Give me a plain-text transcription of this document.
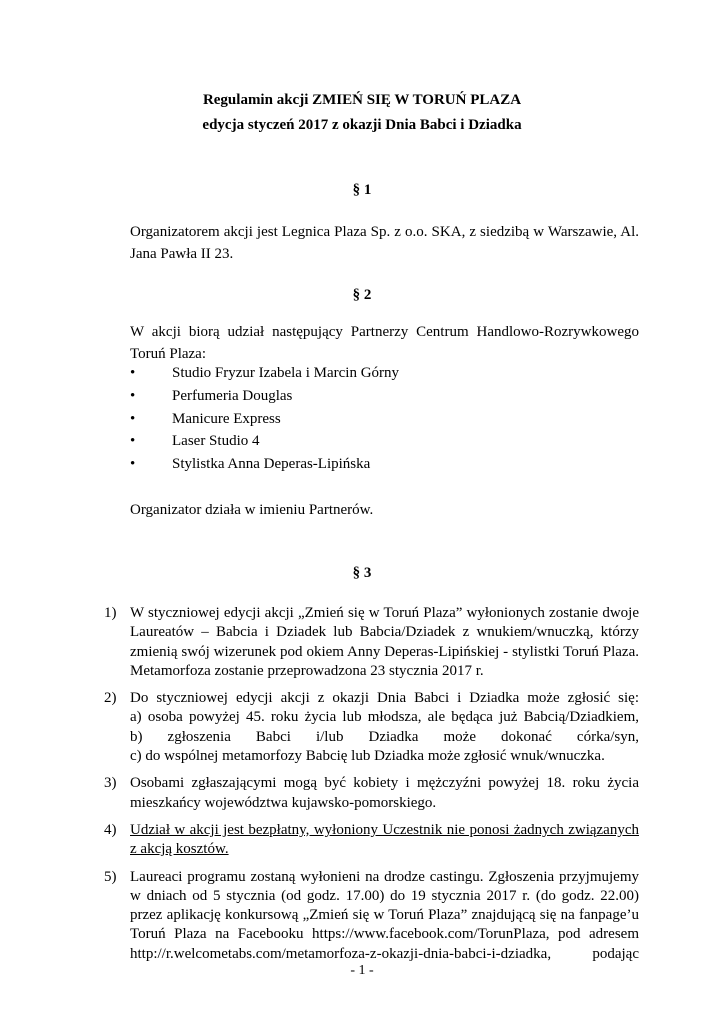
Regulamin akcji ZMIEŃ SIĘ W TORUŃ PLAZA
edycja styczeń 2017 z okazji Dnia Babci i Dziadka
§ 1
Organizatorem akcji jest Legnica Plaza Sp. z o.o. SKA, z siedzibą w Warszawie, Al. Jana Pawła II 23.
§ 2
W akcji biorą udział następujący Partnerzy Centrum Handlowo-Rozrywkowego Toruń Plaza:
• Studio Fryzur Izabela i Marcin Górny
• Perfumeria Douglas
• Manicure Express
• Laser Studio 4
• Stylistka Anna Deperas-Lipińska
Organizator działa w imieniu Partnerów.
§ 3
1) W styczniowej edycji akcji „Zmień się w Toruń Plaza” wyłonionych zostanie dwoje Laureatów – Babcia i Dziadek lub Babcia/Dziadek z wnukiem/wnuczką, którzy zmienią swój wizerunek pod okiem Anny Deperas-Lipińskiej - stylistki Toruń Plaza. Metamorfoza zostanie przeprowadzona 23 stycznia 2017 r.
2) Do styczniowej edycji akcji z okazji Dnia Babci i Dziadka może zgłosić się:
a) osoba powyżej 45. roku życia lub młodsza, ale będąca już Babcią/Dziadkiem,
b) zgłoszenia Babci i/lub Dziadka może dokonać córka/syn,
c) do wspólnej metamorfozy Babcię lub Dziadka może zgłosić wnuk/wnuczka.
3) Osobami zgłaszającymi mogą być kobiety i mężczyźni powyżej 18. roku życia mieszkańcy województwa kujawsko-pomorskiego.
4) Udział w akcji jest bezpłatny, wyłoniony Uczestnik nie ponosi żadnych związanych z akcją kosztów.
5) Laureaci programu zostaną wyłonieni na drodze castingu. Zgłoszenia przyjmujemy w dniach od 5 stycznia (od godz. 17.00) do 19 stycznia 2017 r. (do godz. 22.00) przez aplikację konkursową „Zmień się w Toruń Plaza” znajdującą się na fanpage’u Toruń Plaza na Facebooku https://www.facebook.com/TorunPlaza, pod adresem http://r.welcometabs.com/metamorfoza-z-okazji-dnia-babci-i-dziadka, podając
- 1 -
